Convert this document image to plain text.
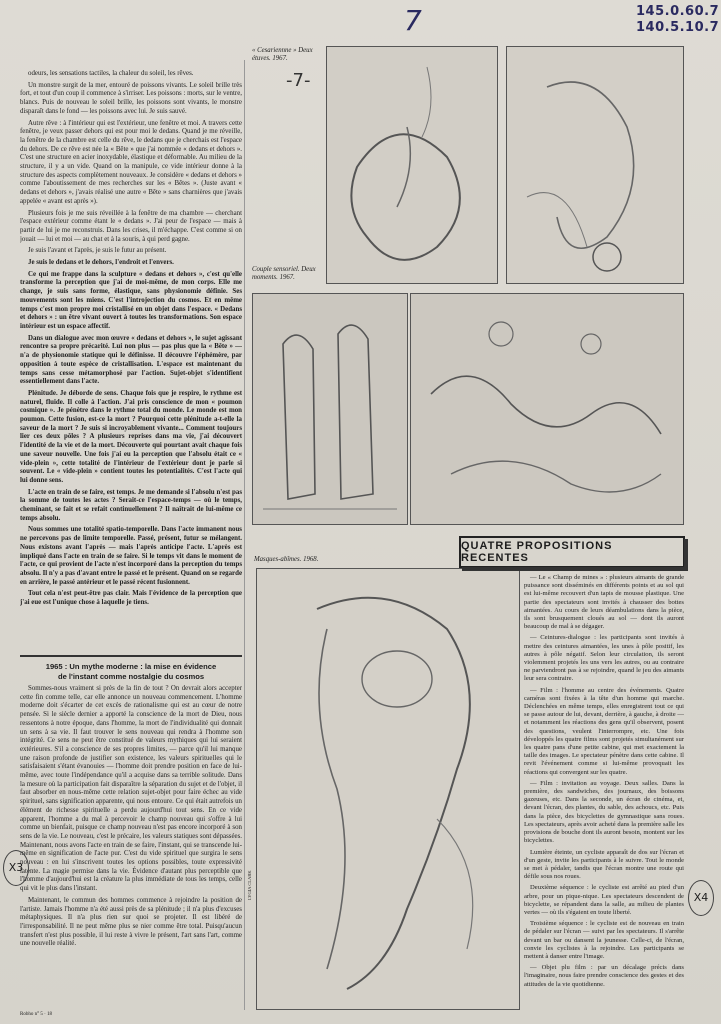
7	145.0.60.7
140.5.10.7
-7-

odeurs, les sensations tactiles, la chaleur du soleil, les rêves.

Un monstre surgit de la mer, entouré de poissons vivants. Le soleil brille très fort, et tout d'un coup il commence à s'irriser. Les poissons : morts, sur le ventre, blancs. Puis de nouveau le soleil brille, les poissons sont vivants, le monstre disparaît dans le fond — les poissons avec lui. Je suis sauvé.

Autre rêve : à l'intérieur qui est l'extérieur, une fenêtre et moi. A travers cette fenêtre, je veux passer dehors qui est pour moi le dedans. Quand je me réveille, la fenêtre de la chambre est celle du rêve, le dedans que je cherchais est l'espace du dehors. De ce rêve est née la « Bête » que j'ai nommée « dedans et dehors ». C'est une structure en acier inoxydable, élastique et déformable. Au milieu de la structure, il y a un vide. Quand on la manipule, ce vide intérieur donne à la structure des aspects complètement nouveaux. Je considère « dedans et dehors » comme l'aboutissement de mes recherches sur les « Bêtes ». (Juste avant « dedans et dehors », j'avais réalisé une autre « Bête » sans charnières que j'avais appelée « avant est après »).

Plusieurs fois je me suis réveillée à la fenêtre de ma chambre — cherchant l'espace extérieur comme étant le « dedans ». J'ai peur de l'espace — mais à partir de lui je me reconstruis. Dans les crises, il m'échappe. C'est comme si on jouait — lui et moi — au chat et à la souris, à qui perd gagne.

Je suis l'avant et l'après, je suis le futur au présent.

Je suis le dedans et le dehors, l'endroit et l'envers.

Ce qui me frappe dans la sculpture « dedans et dehors », c'est qu'elle transforme la perception que j'ai de moi-même, de mon corps. Elle me change, je suis sans forme, élastique, sans physionomie définie. Ses mouvements sont les miens. C'est l'introjection du cosmos. Et en même temps c'est mon propre moi cristallisé en un objet dans l'espace. « Dedans et dehors » : un être vivant ouvert à toutes les transformations. Son espace intérieur est un espace affectif.

Dans un dialogue avec mon œuvre « dedans et dehors », le sujet agissant rencontre sa propre précarité. Lui non plus — pas plus que la « Bête » — n'a de physionomie statique qui le définisse. Il découvre l'éphémère, par opposition à toute espèce de cristallisation. L'espace est maintenant du temps sans cesse métamorphosé par l'action. Sujet-objet s'identifient essentiellement dans l'acte.

Plénitude. Je déborde de sens. Chaque fois que je respire, le rythme est naturel, fluide. Il colle à l'action. J'ai pris conscience de mon « poumon cosmique ». Je pénètre dans le rythme total du monde. Le monde est mon poumon. Cette fusion, est-ce la mort ? Pourquoi cette plénitude a-t-elle la saveur de la mort ? Je suis si incroyablement vivante... Comment toujours lier ces deux pôles ? A plusieurs reprises dans ma vie, j'ai découvert l'identité de la vie et de la mort. Découverte qui pourtant avait chaque fois une saveur nouvelle. Une fois j'ai eu la perception que l'absolu était ce « vide-plein », cette totalité de l'intérieur de l'extérieur dont je parle si souvent. Le « vide-plein » contient toutes les potentialités. C'est l'acte qui lui donne sens.

L'acte en train de se faire, est temps. Je me demande si l'absolu n'est pas la somme de toutes les actes ? Serait-ce l'espace-temps — où le temps, cheminant, se fait et se refait continuellement ? Il naîtrait de lui-même ce temps absolu.

Nous sommes une totalité spatio-temporelle. Dans l'acte immanent nous ne percevons pas de limite temporelle. Passé, présent, futur se mélangent. Nous existons avant l'après — mais l'après anticipe l'acte. L'après est impliqué dans l'acte en train de se faire. Si le temps vit dans le moment de l'acte, ce qui provient de l'acte n'est incorporé dans la perception du temps absolu. Il n'y a pas d'avant entre le passé et le présent. Quand on se regarde en arrière, le passé antérieur et le passé récent fusionnent.

Tout cela n'est peut-être pas clair. Mais l'évidence de la perception que j'ai eue est l'unique chose à laquelle je tiens.

1965 : Un mythe moderne : la mise en évidence
de l'instant comme nostalgie du cosmos

Sommes-nous vraiment si près de la fin de tout ? On devrait alors accepter cette fin comme telle, car elle annonce un nouveau commencement. L'homme moderne doit s'écarter de cet excès de rationalisme qui est au cœur de notre pensée. Si le siècle dernier a apporté la conscience de la mort de Dieu, nous ressentons à notre époque, dans l'homme, la mort de l'individualité qui donnait un sens à sa vie. Il faut trouver le sens nouveau qui rendra à l'homme son intégrité. Ce sens ne peut être constitué de valeurs mythiques qui lui seraient extérieures. S'il a conscience de ses propres limites, — parce qu'il lui manque une raison profonde de justifier son existence, les valeurs spirituelles qui le satisfaisaient s'étant évanouies — l'homme doit prendre position en face de lui-même, avec toute l'indépendance qu'il a acquise dans sa terrible solitude. Dans la mesure où la participation fait disparaître la séparation du sujet et de l'objet, il faut absorber en nous-même cette relation sujet-objet pour faire échec au vide spirituel, sans signification apparente, qui nous entoure. Ce qui était autrefois un élément de richesse spirituelle a perdu aujourd'hui tout sens. En ce vide apparent, l'homme a du mal à percevoir le champ nouveau qui s'offre à lui comme un bienfait, puisque ce champ nouveau n'est pas encore incorporé à son sens de la vie. Le nouveau, c'est le précaire, les valeurs statiques sont dépassées. Maintenant, nous avons l'acte en train de se faire, l'instant, qui se transcende lui-même en signification de l'acte pur. C'est du vide spirituel que surgira le sens nouveau : en lui s'inscrivent toutes les options possibles, toute expressivité latente. La magie permise dans la vie. Évidence d'autant plus perceptible que l'homme d'aujourd'hui est la créature la plus immédiate de tous les temps, celle qui vit le plus dans l'instant.

Maintenant, le commun des hommes commence à rejoindre la position de l'artiste. Jamais l'homme n'a été aussi près de sa plénitude ; il n'a plus d'excuses métaphysiques. Il n'a plus rien sur quoi se projeter. Il est libéré de l'irresponsabilité. Il ne peut même plus se nier comme être total. Puisqu'aucun transfert n'est plus possible, il lui reste à vivre le présent, l'art sans l'art, comme une nouvelle réalité.

Robho n° 5 · 18
X3
X4
« Cesariennne » Deux étuves. 1967.
Couple sensoriel. Deux moments. 1967.
Masques-abîmes. 1968.
LYGIA CLARK
QUATRE PROPOSITIONS RECENTES

— Le « Champ de mines » : plusieurs aimants de grande puissance sont disséminés en différents points et au sol qui est lui-même recouvert d'un tapis de mousse plastique. Une partie des spectateurs sont invités à chausser des bottes aimantées. Au cours de leurs déambulations dans la pièce, ils sont brusquement cloués au sol — dont ils auront beaucoup de mal à se dégager.

— Ceintures-dialogue : les participants sont invités à mettre des ceintures aimantées, les unes à pôle positif, les autres à pôle négatif. Selon leur circulation, ils seront violemment projetés les uns vers les autres, ou au contraire ne parviendront pas à se rejoindre, quand le jeu des aimants leur sera contraire.

— Film : l'homme au centre des événements. Quatre caméras sont fixées à la tête d'un homme qui marche. Déclenchées en même temps, elles enregistrent tout ce qui se passe autour de lui, devant, derrière, à gauche, à droite — et notamment les réactions des gens qu'il observent, posent des questions, veulent l'interrompre, etc. Une fois développés les quatre films sont projetés simultanément sur les quatre pans d'une petite cabine, qui met exactement la taille des images. Le spectateur pénètre dans cette cabine. Il revit l'événement comme si lui-même provoquait les réactions qui convergent sur les quatre.

— Film : invitation au voyage. Deux salles. Dans la première, des sandwiches, des journaux, des boissons gazeuses, etc. Dans la seconde, un écran de cinéma, et, devant l'écran, des plantes, du sable, des achoucs, etc. Puis dans la pièce, des bicyclettes de gymnastique sans roues. Les spectateurs, après avoir acheté dans la première salle les provisions de bouche dont ils auront besoin, montent sur les bicyclettes.

Lumière éteinte, un cycliste apparaît de dos sur l'écran et d'un geste, invite les participants à le suivre. Tout le monde se met à pédaler, tandis que l'écran montre une route qui défile sous nos roues.

Deuxième séquence : le cycliste est arrêté au pied d'un arbre, pour un pique-nique. Les spectateurs descendent de bicyclette, se répandent dans la salle, au milieu de plantes vertes — où ils s'égaient en toute liberté.

Troisième séquence : le cycliste est de nouveau en train de pédaler sur l'écran — suivi par les spectateurs. Il s'arrête devant un bar ou dansent la jeunesse. Celle-ci, de l'écran, convie les cyclistes à la rejoindre. Les participants se mettent à danser entre l'image.

— Objet plu film : par un décalage précis dans l'imaginaire, nous faire prendre conscience des gestes et des attitudes de la vie quotidienne.
